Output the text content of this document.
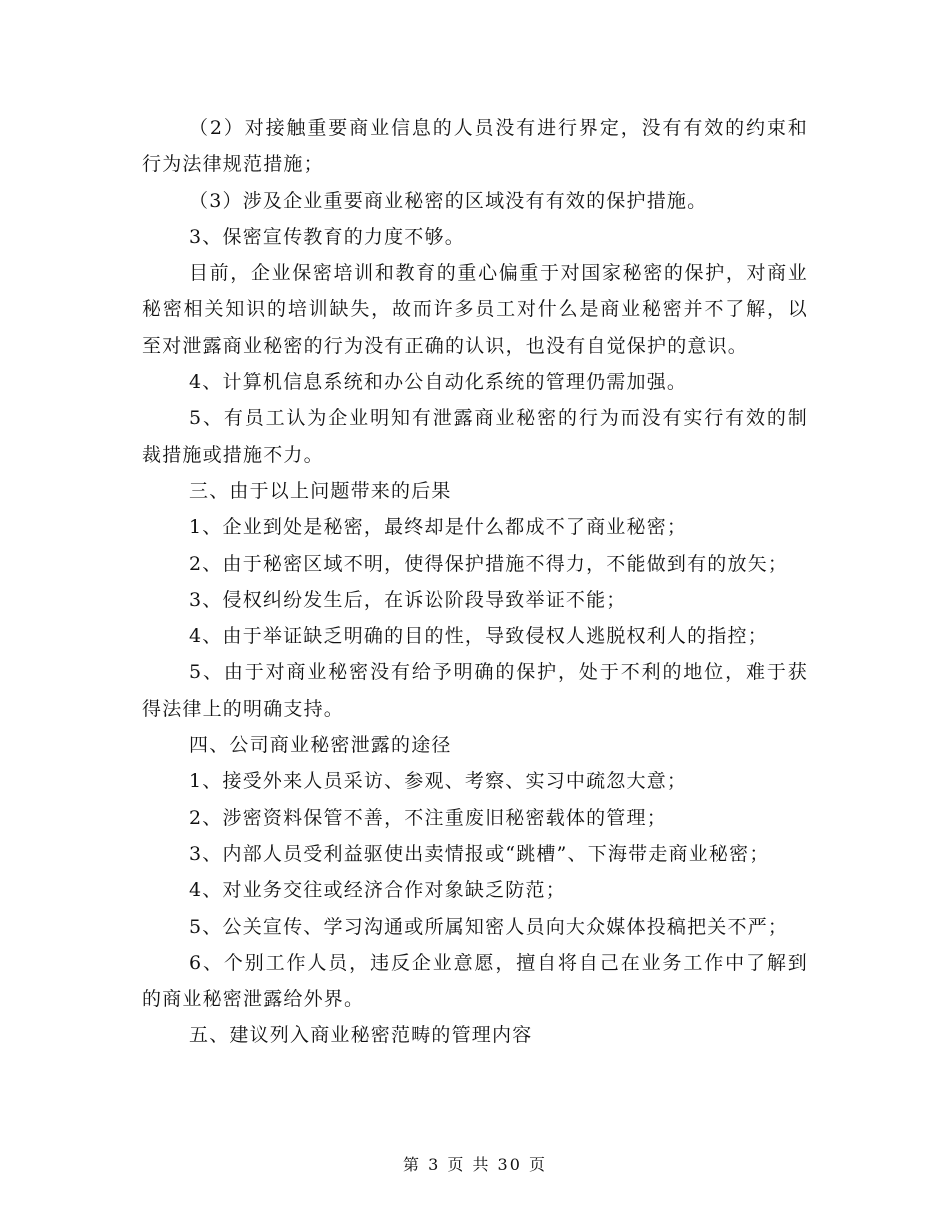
（2）对接触重要商业信息的人员没有进行界定，没有有效的约束和行为法律规范措施；

（3）涉及企业重要商业秘密的区域没有有效的保护措施。

3、保密宣传教育的力度不够。

目前，企业保密培训和教育的重心偏重于对国家秘密的保护，对商业秘密相关知识的培训缺失，故而许多员工对什么是商业秘密并不了解，以至对泄露商业秘密的行为没有正确的认识，也没有自觉保护的意识。

4、计算机信息系统和办公自动化系统的管理仍需加强。

5、有员工认为企业明知有泄露商业秘密的行为而没有实行有效的制裁措施或措施不力。

三、由于以上问题带来的后果

1、企业到处是秘密，最终却是什么都成不了商业秘密；

2、由于秘密区域不明，使得保护措施不得力，不能做到有的放矢；

3、侵权纠纷发生后，在诉讼阶段导致举证不能；

4、由于举证缺乏明确的目的性，导致侵权人逃脱权利人的指控；

5、由于对商业秘密没有给予明确的保护，处于不利的地位，难于获得法律上的明确支持。

四、公司商业秘密泄露的途径

1、接受外来人员采访、参观、考察、实习中疏忽大意；

2、涉密资料保管不善，不注重废旧秘密载体的管理；

3、内部人员受利益驱使出卖情报或“跳槽”、下海带走商业秘密；

4、对业务交往或经济合作对象缺乏防范；

5、公关宣传、学习沟通或所属知密人员向大众媒体投稿把关不严；

6、个别工作人员，违反企业意愿，擅自将自己在业务工作中了解到的商业秘密泄露给外界。

五、建议列入商业秘密范畴的管理内容

第 3 页 共 30 页
